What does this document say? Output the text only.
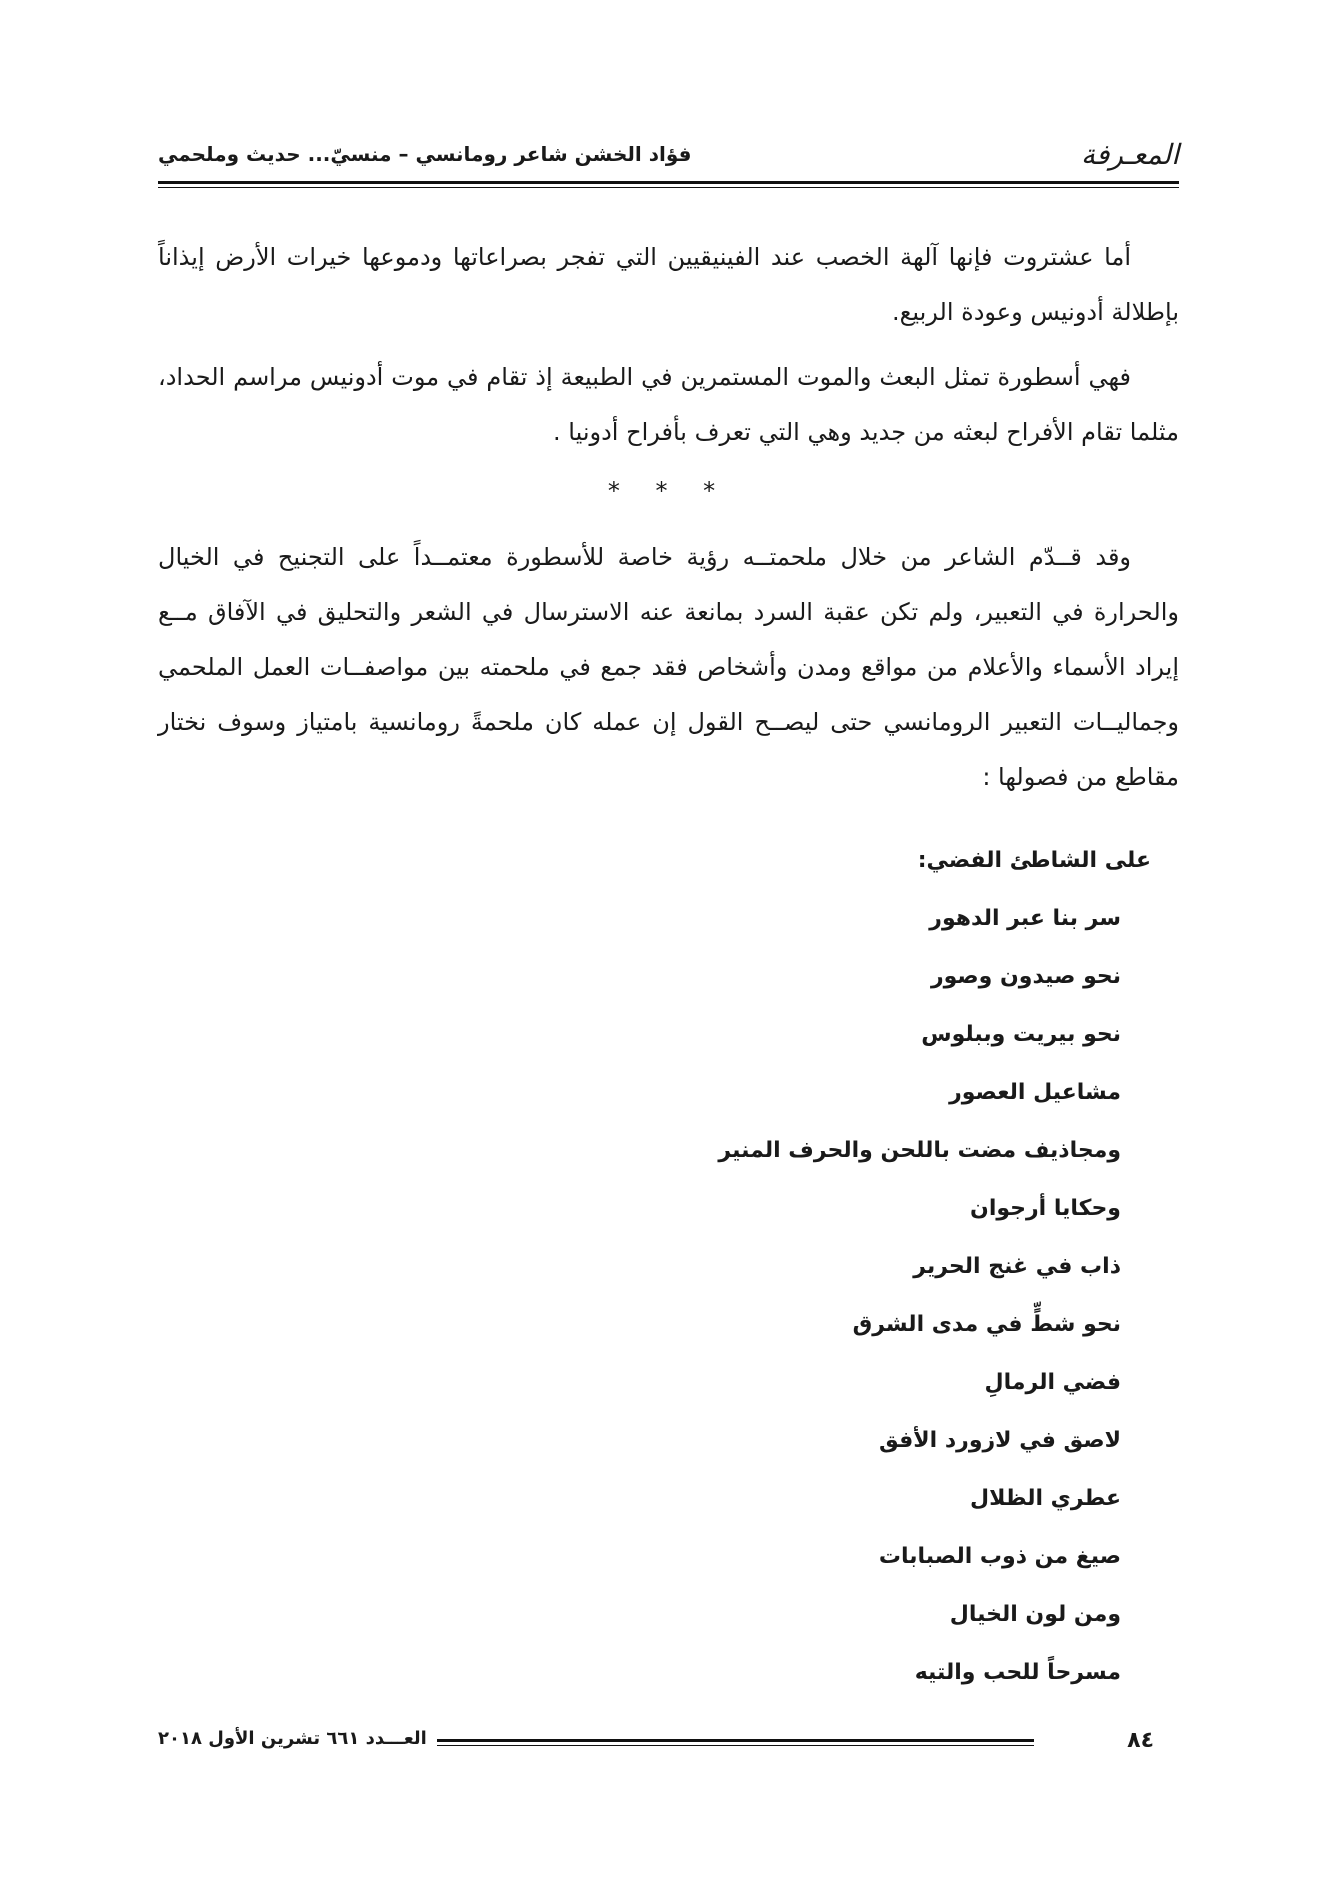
المعـرفة
فؤاد الخشن شاعر رومانسي – منسيّ... حديث وملحمي

أما عشتروت فإنها آلهة الخصب عند الفينيقيين التي تفجر بصراعاتها ودموعها خيرات الأرض إيذاناً بإطلالة أدونيس وعودة الربيع.

فهي أسطورة تمثل البعث والموت المستمرين في الطبيعة إذ تقام في موت أدونيس مراسم الحداد، مثلما تقام الأفراح لبعثه من جديد وهي التي تعرف بأفراح أدونيا .

* * *

وقد قــدّم الشاعر من خلال ملحمتــه رؤية خاصة للأسطورة معتمــداً على التجنيح في الخيال والحرارة في التعبير، ولم تكن عقبة السرد بمانعة عنه الاسترسال في الشعر والتحليق في الآفاق مــع إيراد الأسماء والأعلام من مواقع ومدن وأشخاص فقد جمع في ملحمته بين مواصفــات العمل الملحمي وجماليــات التعبير الرومانسي حتى ليصــح القول إن عمله كان ملحمةً رومانسية بامتياز وسوف نختار مقاطع من فصولها :

على الشاطئ الفضي:
سر بنا عبر الدهور
نحو صيدون وصور
نحو بيريت وببلوس
مشاعيل العصور
ومجاذيف مضت باللحن والحرف المنير
وحكايا أرجوان
ذاب في غنج الحرير
نحو شطٍّ في مدى الشرق
فضي الرمالِ
لاصق في لازورد الأفق
عطري الظلال
صيغ من ذوب الصبابات
ومن لون الخيال
مسرحاً للحب والتيه
٨٤
العـــدد ٦٦١ تشرين الأول ٢٠١٨
